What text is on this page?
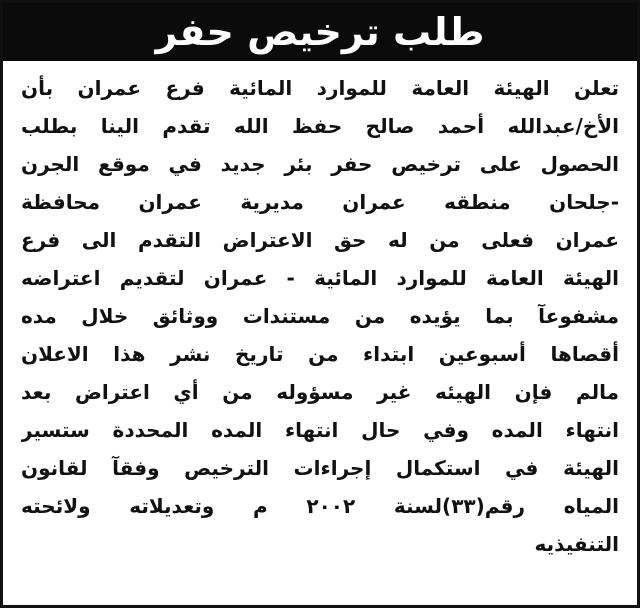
طلب ترخيص حفر
تعلن الهيئة العامة للموارد المائية فرع عمران بأن
الأخ/عبدالله أحمد صالح حفظ الله تقدم الينا بطلب
الحصول على ترخيص حفر بئر جديد في موقع الجرن
-جلحان منطقه عمران مديرية عمران محافظة
عمران فعلى من له حق الاعتراض التقدم الى فرع
الهيئة العامة للموارد المائية - عمران لتقديم اعتراضه
مشفوعآ بما يؤيده من مستندات ووثائق خلال مده
أقصاها أسبوعين ابتداء من تاريخ نشر هذا الاعلان
مالم فإن الهيئه غير مسؤوله من أي اعتراض بعد
انتهاء المده وفي حال انتهاء المده المحددة ستسير
الهيئة في استكمال إجراءات الترخيص وفقآ لقانون
المياه رقم(٣٣)لسنة ٢٠٠٢ م وتعديلاته ولائحته
التنفيذيه
